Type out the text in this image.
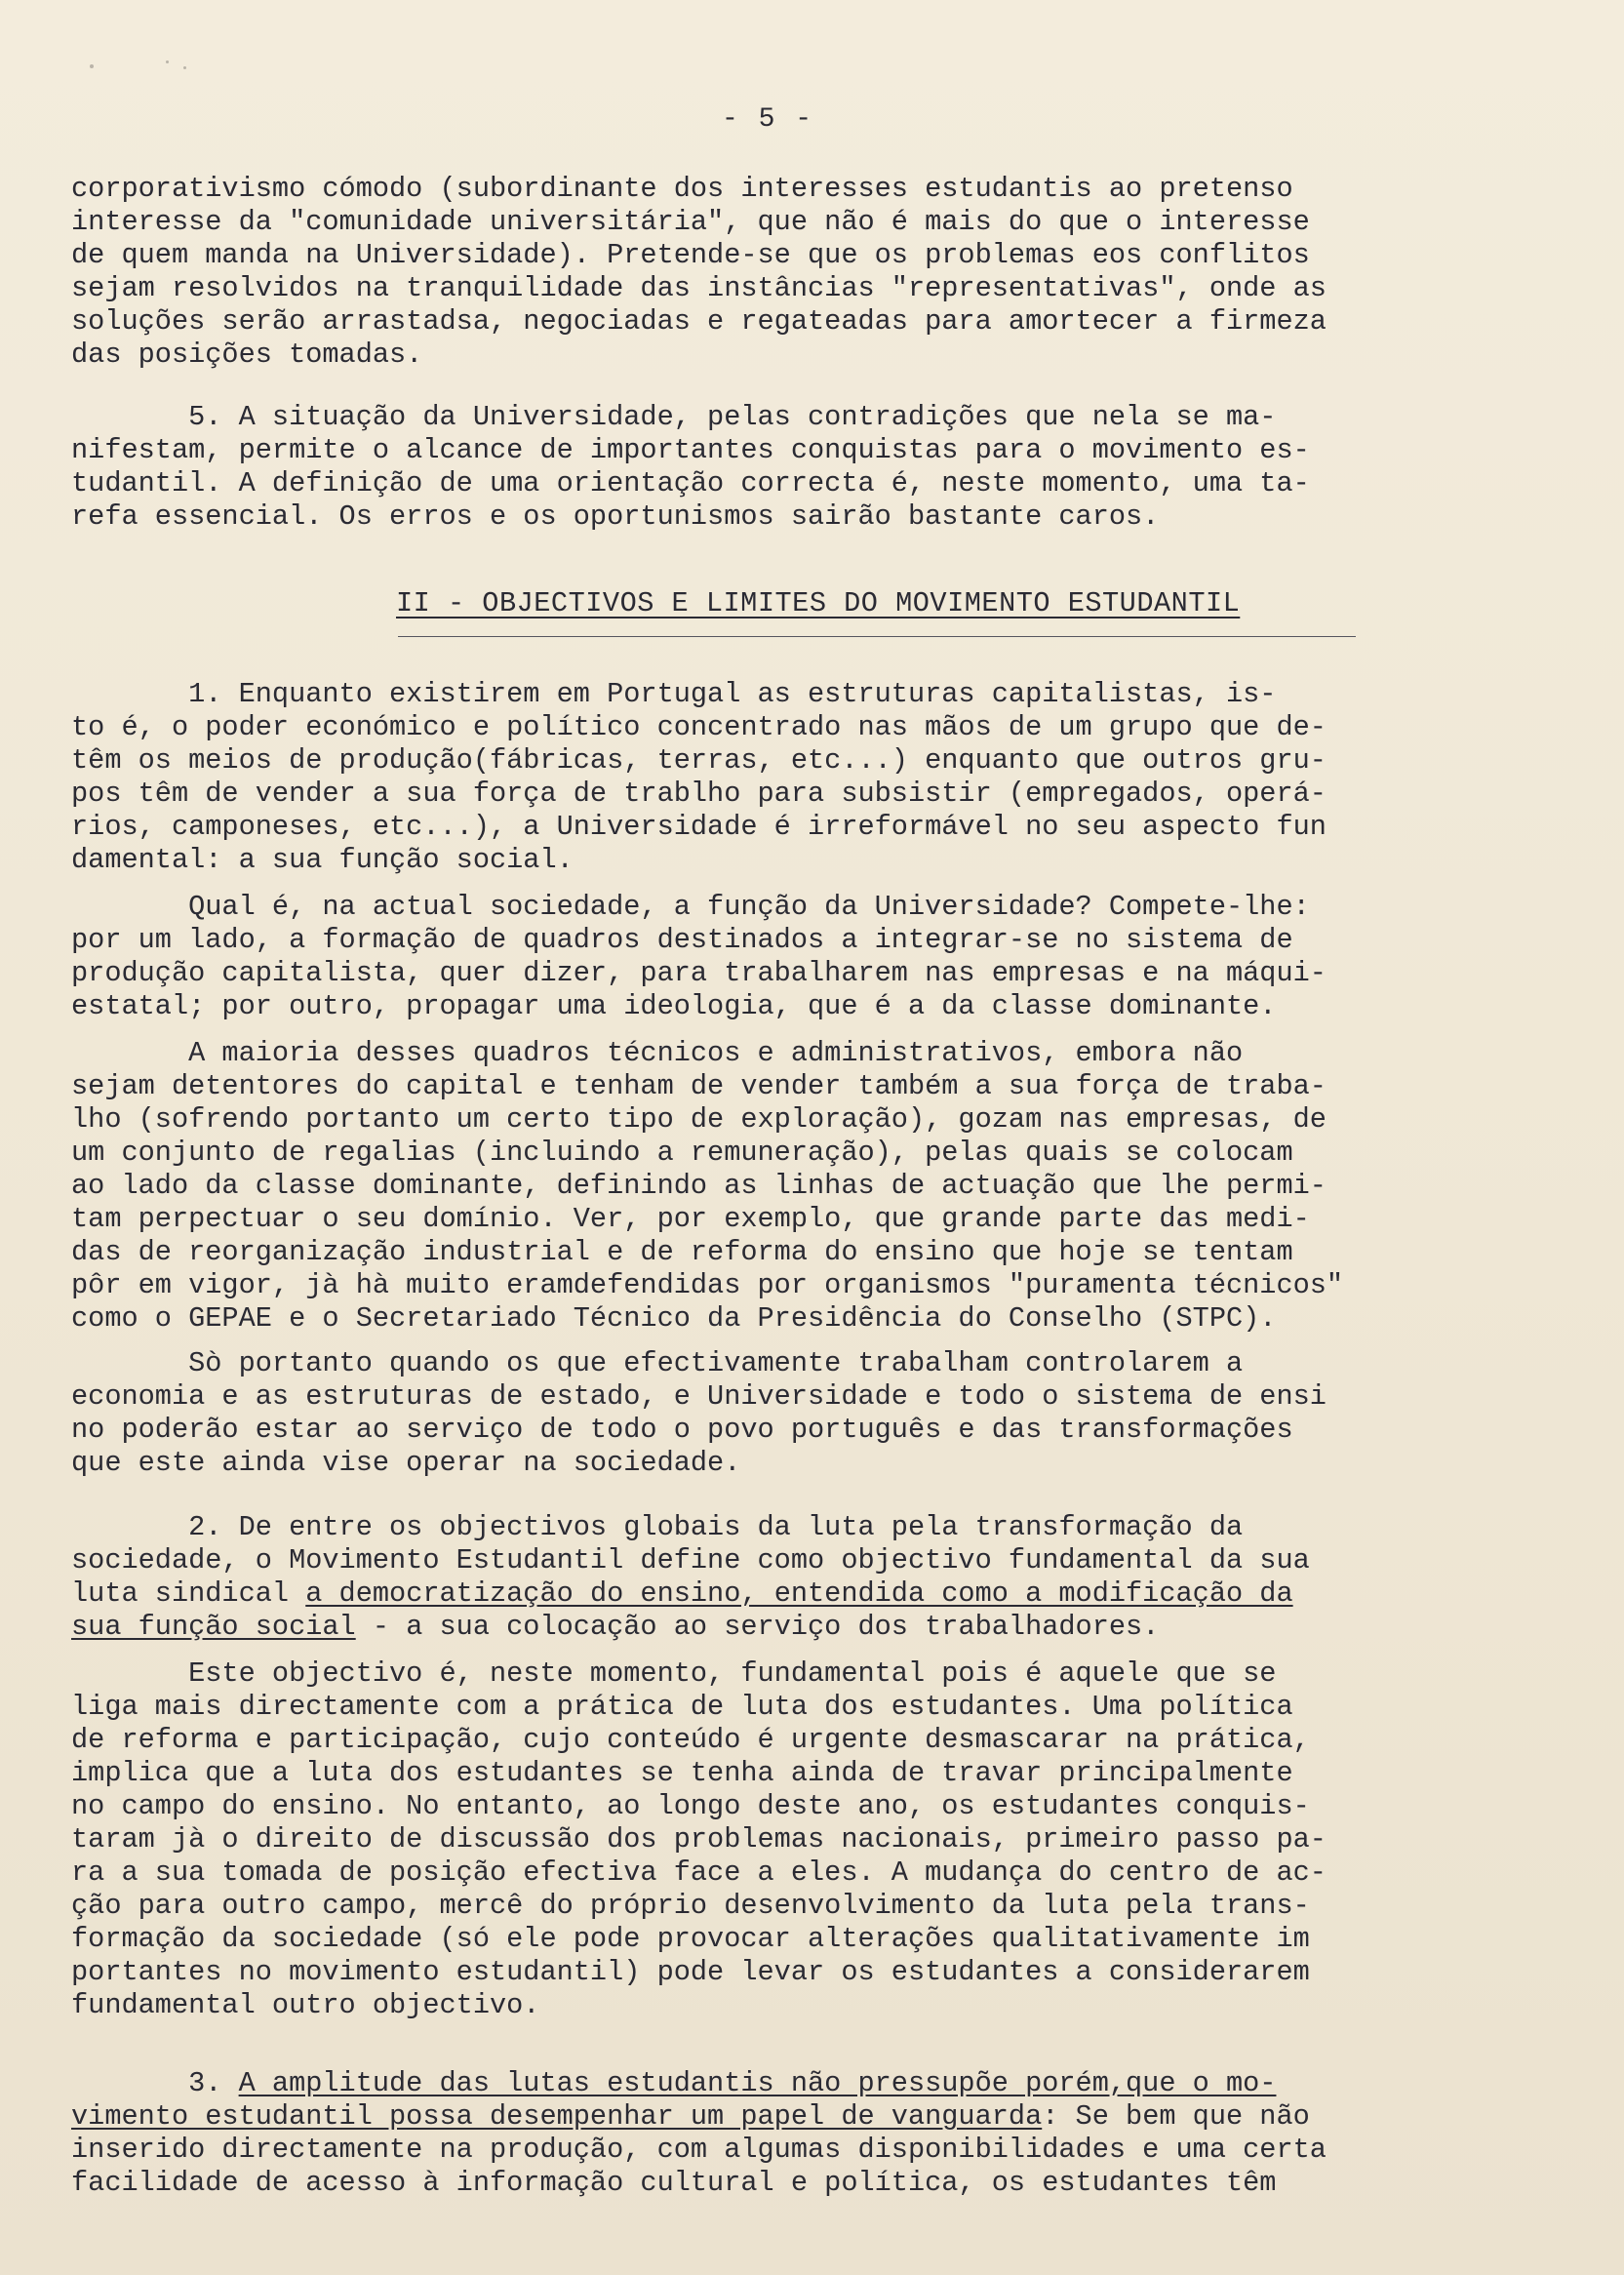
- 5 -
corporativismo cómodo (subordinante dos interesses estudantis ao pretenso
interesse da "comunidade universitária", que não é mais do que o interesse
de quem manda na Universidade). Pretende-se que os problemas eos conflitos
sejam resolvidos na tranquilidade das instâncias "representativas", onde as
soluções serão arrastadsa, negociadas e regateadas para amortecer a firmeza
das posições tomadas.
5. A situação da Universidade, pelas contradições que nela se ma-
nifestam, permite o alcance de importantes conquistas para o movimento es-
tudantil. A definição de uma orientação correcta é, neste momento, uma ta-
refa essencial. Os erros e os oportunismos sairão bastante caros.
II - OBJECTIVOS E LIMITES DO MOVIMENTO ESTUDANTIL
1. Enquanto existirem em Portugal as estruturas capitalistas, is-
to é, o poder económico e político concentrado nas mãos de um grupo que de-
têm os meios de produção(fábricas, terras, etc...) enquanto que outros gru-
pos têm de vender a sua força de trablho para subsistir (empregados, operá-
rios, camponeses, etc...), a Universidade é irreformável no seu aspecto fun
damental: a sua função social.
Qual é, na actual sociedade, a função da Universidade? Compete-lhe:
por um lado, a formação de quadros destinados a integrar-se no sistema de
produção capitalista, quer dizer, para trabalharem nas empresas e na máqui-
estatal; por outro, propagar uma ideologia, que é a da classe dominante.
A maioria desses quadros técnicos e administrativos, embora não
sejam detentores do capital e tenham de vender também a sua força de traba-
lho (sofrendo portanto um certo tipo de exploração), gozam nas empresas, de
um conjunto de regalias (incluindo a remuneração), pelas quais se colocam
ao lado da classe dominante, definindo as linhas de actuação que lhe permi-
tam perpectuar o seu domínio. Ver, por exemplo, que grande parte das medi-
das de reorganização industrial e de reforma do ensino que hoje se tentam
pôr em vigor, jà hà muito eramdefendidas por organismos "puramenta técnicos"
como o GEPAE e o Secretariado Técnico da Presidência do Conselho (STPC).
Sò portanto quando os que efectivamente trabalham controlarem a
economia e as estruturas de estado, e Universidade e todo o sistema de ensi
no poderão estar ao serviço de todo o povo português e das transformações
que este ainda vise operar na sociedade.
2. De entre os objectivos globais da luta pela transformação da
sociedade, o Movimento Estudantil define como objectivo fundamental da sua
luta sindical a democratização do ensino, entendida como a modificação da
sua função social - a sua colocação ao serviço dos trabalhadores.
Este objectivo é, neste momento, fundamental pois é aquele que se
liga mais directamente com a prática de luta dos estudantes. Uma política
de reforma e participação, cujo conteúdo é urgente desmascarar na prática,
implica que a luta dos estudantes se tenha ainda de travar principalmente
no campo do ensino. No entanto, ao longo deste ano, os estudantes conquis-
taram jà o direito de discussão dos problemas nacionais, primeiro passo pa-
ra a sua tomada de posição efectiva face a eles. A mudança do centro de ac-
ção para outro campo, mercê do próprio desenvolvimento da luta pela trans-
formação da sociedade (só ele pode provocar alterações qualitativamente im
portantes no movimento estudantil) pode levar os estudantes a considerarem
fundamental outro objectivo.
3. A amplitude das lutas estudantis não pressupõe porém,que o mo-
vimento estudantil possa desempenhar um papel de vanguarda: Se bem que não
inserido directamente na produção, com algumas disponibilidades e uma certa
facilidade de acesso à informação cultural e política, os estudantes têm
